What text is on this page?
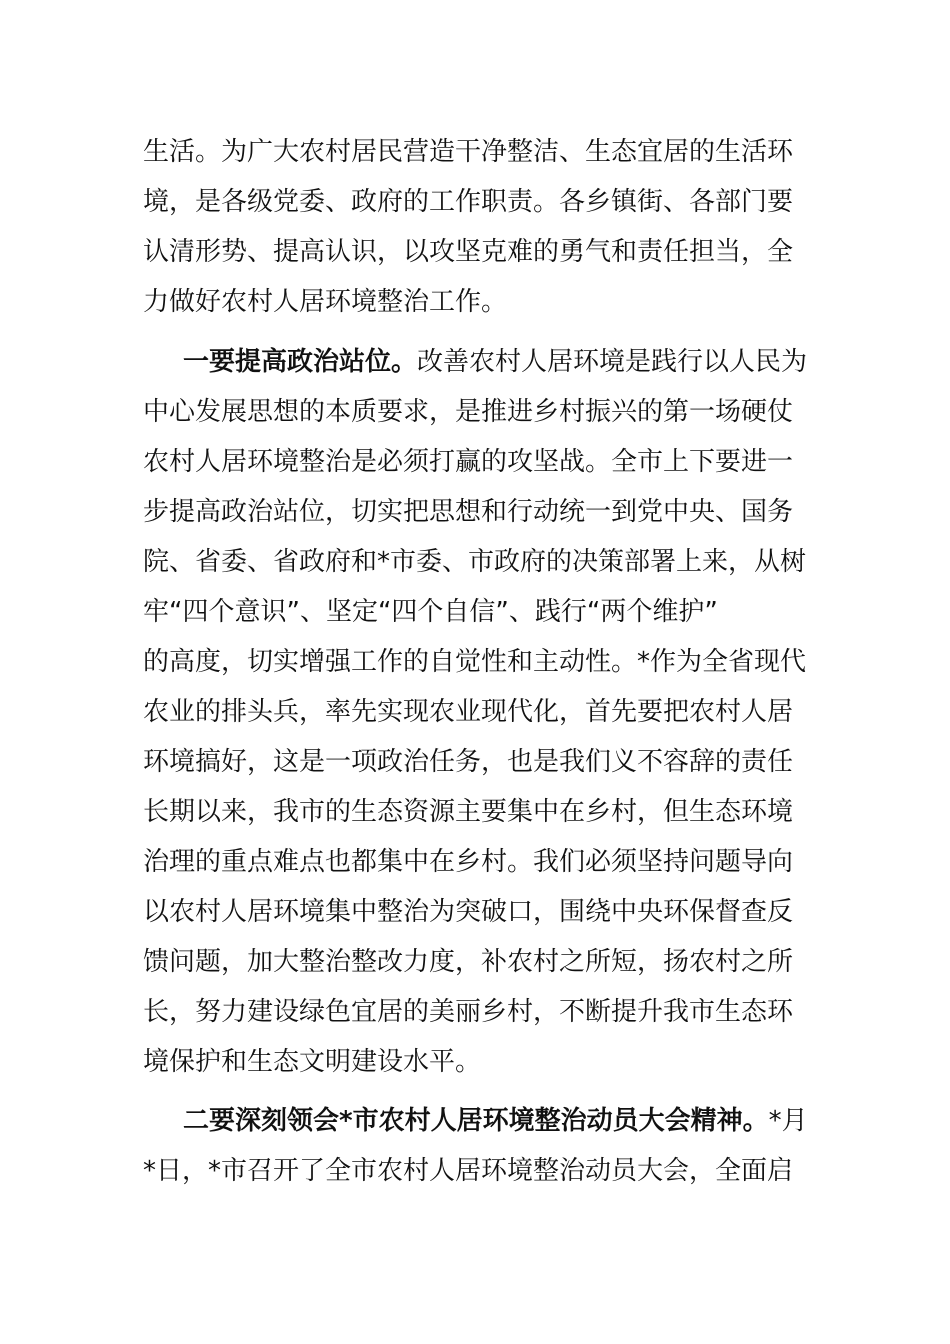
生活。为广大农村居民营造干净整洁、生态宜居的生活环
境，是各级党委、政府的工作职责。各乡镇街、各部门要
认清形势、提高认识，以攻坚克难的勇气和责任担当，全
力做好农村人居环境整治工作。
一要提高政治站位。改善农村人居环境是践行以人民为
中心发展思想的本质要求，是推进乡村振兴的第一场硬仗
农村人居环境整治是必须打赢的攻坚战。全市上下要进一
步提高政治站位，切实把思想和行动统一到党中央、国务
院、省委、省政府和*市委、市政府的决策部署上来，从树
牢“四个意识”、坚定“四个自信”、践行“两个维护”
的高度，切实增强工作的自觉性和主动性。*作为全省现代
农业的排头兵，率先实现农业现代化，首先要把农村人居
环境搞好，这是一项政治任务，也是我们义不容辞的责任
长期以来，我市的生态资源主要集中在乡村，但生态环境
治理的重点难点也都集中在乡村。我们必须坚持问题导向
以农村人居环境集中整治为突破口，围绕中央环保督查反
馈问题，加大整治整改力度，补农村之所短，扬农村之所
长，努力建设绿色宜居的美丽乡村，不断提升我市生态环
境保护和生态文明建设水平。
二要深刻领会*市农村人居环境整治动员大会精神。*月
*日，*市召开了全市农村人居环境整治动员大会，全面启
